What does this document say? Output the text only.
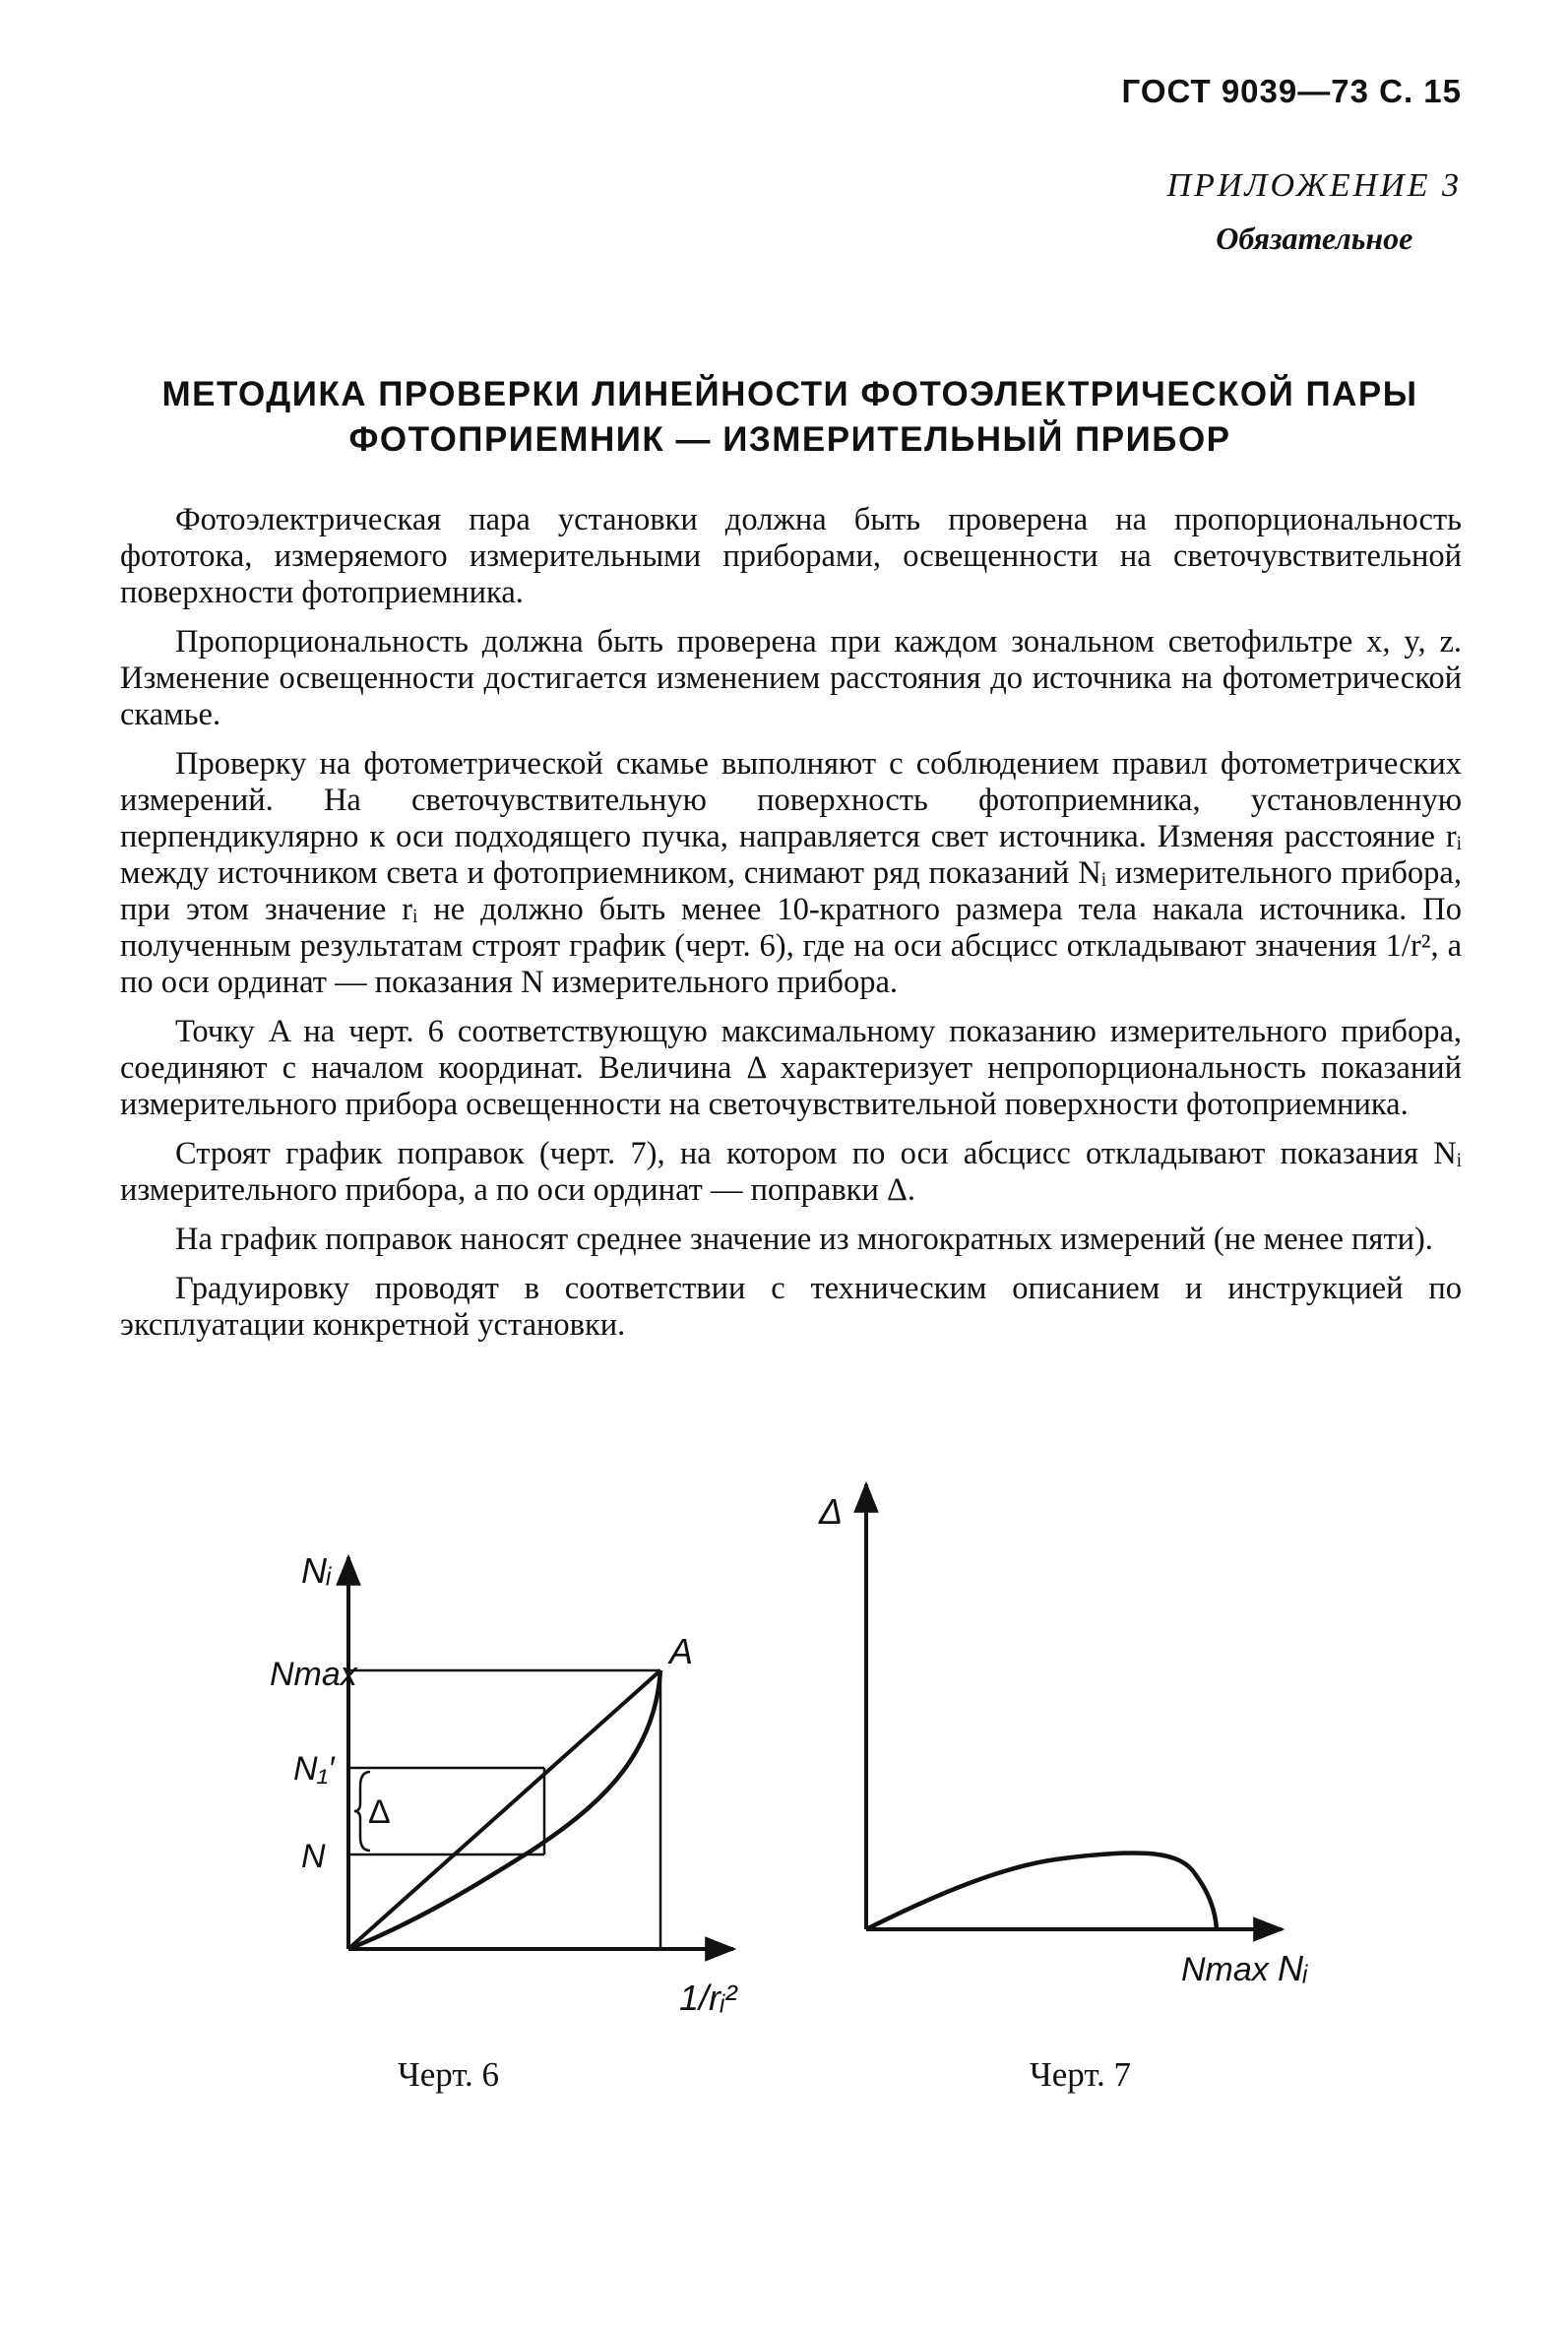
ГОСТ 9039—73 С. 15
ПРИЛОЖЕНИЕ 3
Обязательное
МЕТОДИКА ПРОВЕРКИ ЛИНЕЙНОСТИ ФОТОЭЛЕКТРИЧЕСКОЙ ПАРЫ
ФОТОПРИЕМНИК — ИЗМЕРИТЕЛЬНЫЙ ПРИБОР

Фотоэлектрическая пара установки должна быть проверена на пропорциональность фототока, измеряемого измерительными приборами, освещенности на светочувствительной поверхности фотоприемника.

Пропорциональность должна быть проверена при каждом зональном светофильтре x, y, z. Изменение освещенности достигается изменением расстояния до источника на фотометрической скамье.

Проверку на фотометрической скамье выполняют с соблюдением правил фотометрических измерений. На светочувствительную поверхность фотоприемника, установленную перпендикулярно к оси подходящего пучка, направляется свет источника. Изменяя расстояние rᵢ между источником света и фотоприемником, снимают ряд показаний Nᵢ измерительного прибора, при этом значение rᵢ не должно быть менее 10-кратного размера тела накала источника. По полученным результатам строят график (черт. 6), где на оси абсцисс откладывают значения 1/r², а по оси ординат — показания N измерительного прибора.

Точку A на черт. 6 соответствующую максимальному показанию измерительного прибора, соединяют с началом координат. Величина Δ характеризует непропорциональность показаний измерительного прибора освещенности на светочувствительной поверхности фотоприемника.

Строят график поправок (черт. 7), на котором по оси абсцисс откладывают показания Nᵢ измерительного прибора, а по оси ординат — поправки Δ.

На график поправок наносят среднее значение из многократных измерений (не менее пяти).

Градуировку проводят в соответствии с техническим описанием и инструкцией по эксплуатации конкретной установки.

Nᵢ
Nmax
N₁′
N
A
Δ
1/rᵢ²
Δ
Nmax Nᵢ
Черт. 6	Черт. 7
